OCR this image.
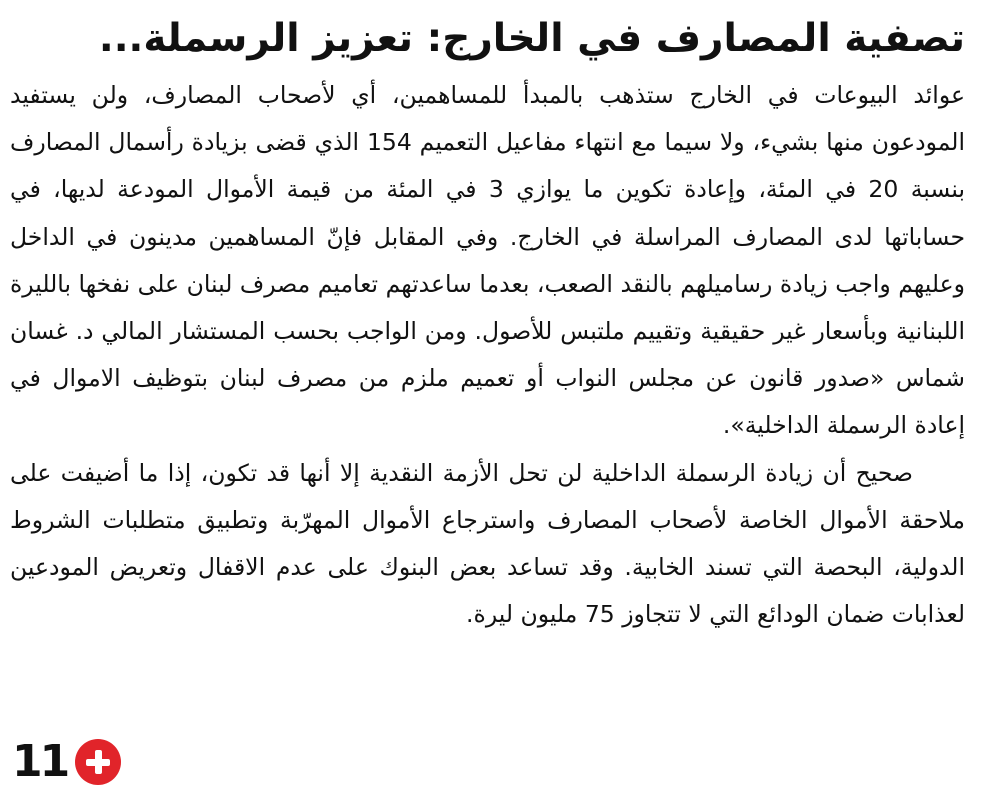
تصفية المصارف في الخارج: تعزيز الرسملة...

عوائد البيوعات في الخارج ستذهب بالمبدأ للمساهمين، أي لأصحاب المصارف، ولن يستفيد المودعون منها بشيء، ولا سيما مع انتهاء مفاعيل التعميم 154 الذي قضى بزيادة رأسمال المصارف بنسبة 20 في المئة، وإعادة تكوين ما يوازي 3 في المئة من قيمة الأموال المودعة لديها، في حساباتها لدى المصارف المراسلة في الخارج. وفي المقابل فإنّ المساهمين مدينون في الداخل وعليهم واجب زيادة رساميلهم بالنقد الصعب، بعدما ساعدتهم تعاميم مصرف لبنان على نفخها بالليرة اللبنانية وبأسعار غير حقيقية وتقييم ملتبس للأصول. ومن الواجب بحسب المستشار المالي د. غسان شماس «صدور قانون عن مجلس النواب أو تعميم ملزم من مصرف لبنان بتوظيف الاموال في إعادة الرسملة الداخلية».

صحيح أن زيادة الرسملة الداخلية لن تحل الأزمة النقدية إلا أنها قد تكون، إذا ما أضيفت على ملاحقة الأموال الخاصة لأصحاب المصارف واسترجاع الأموال المهرّبة وتطبيق متطلبات الشروط الدولية، البحصة التي تسند الخابية. وقد تساعد بعض البنوك على عدم الاقفال وتعريض المودعين لعذابات ضمان الودائع التي لا تتجاوز 75 مليون ليرة.

11
